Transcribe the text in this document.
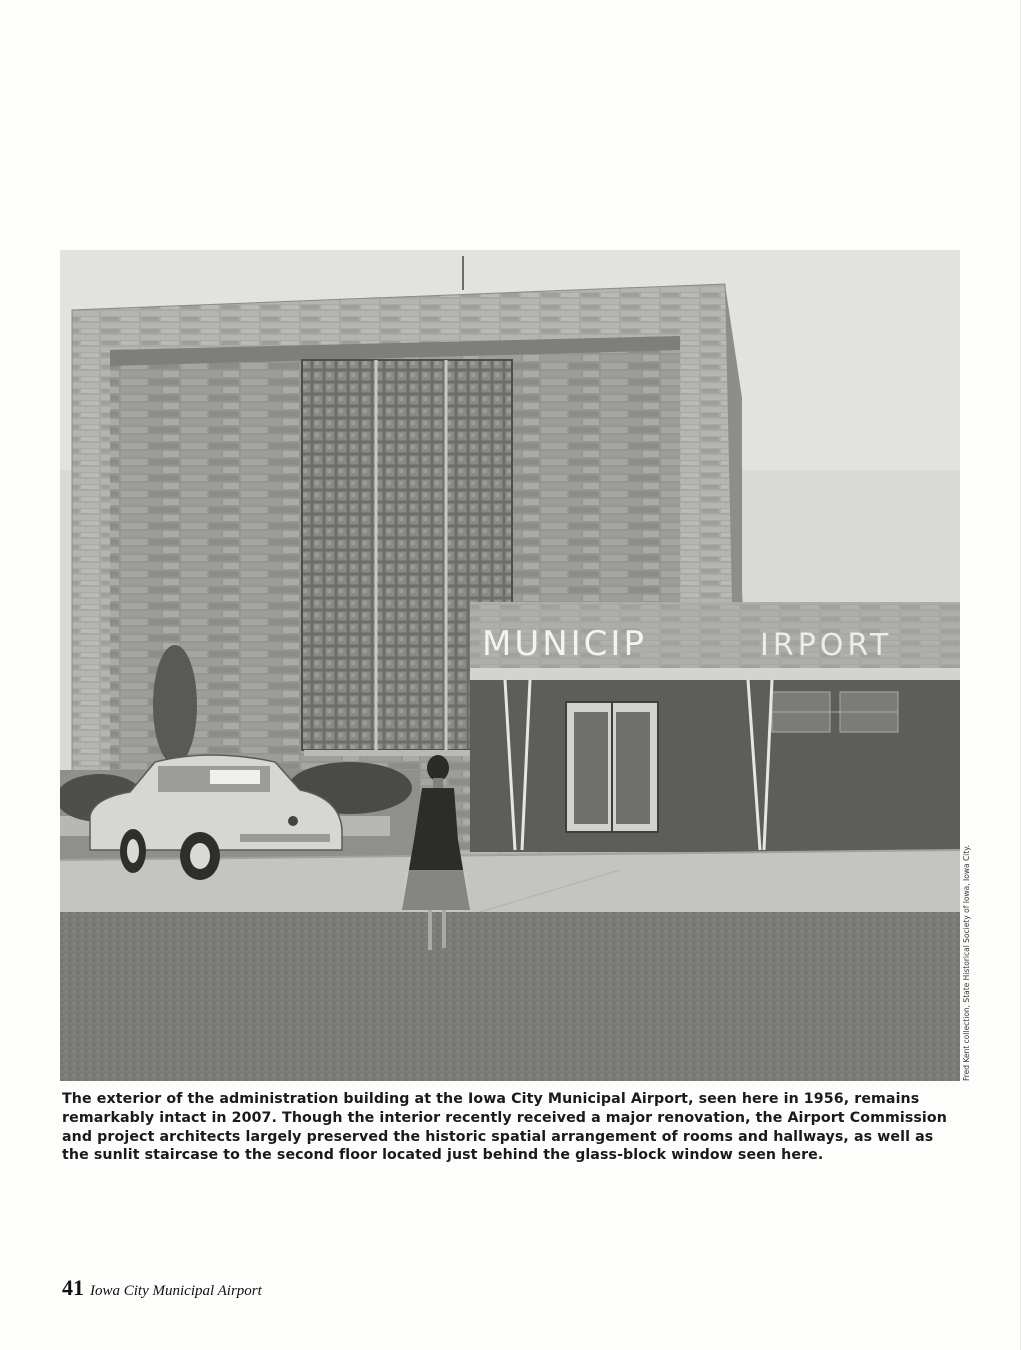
MUNICIP	IRPORT
Fred Kent collection, State Historical Society of Iowa, Iowa City.

The exterior of the administration building at the Iowa City Municipal Airport, seen here in 1956, remains remarkably intact in 2007. Though the interior recently received a major renovation, the Airport Commission and project architects largely preserved the historic spatial arrangement of rooms and hallways, as well as the sunlit staircase to the second floor located just behind the glass-block window seen here.

41 Iowa City Municipal Airport
